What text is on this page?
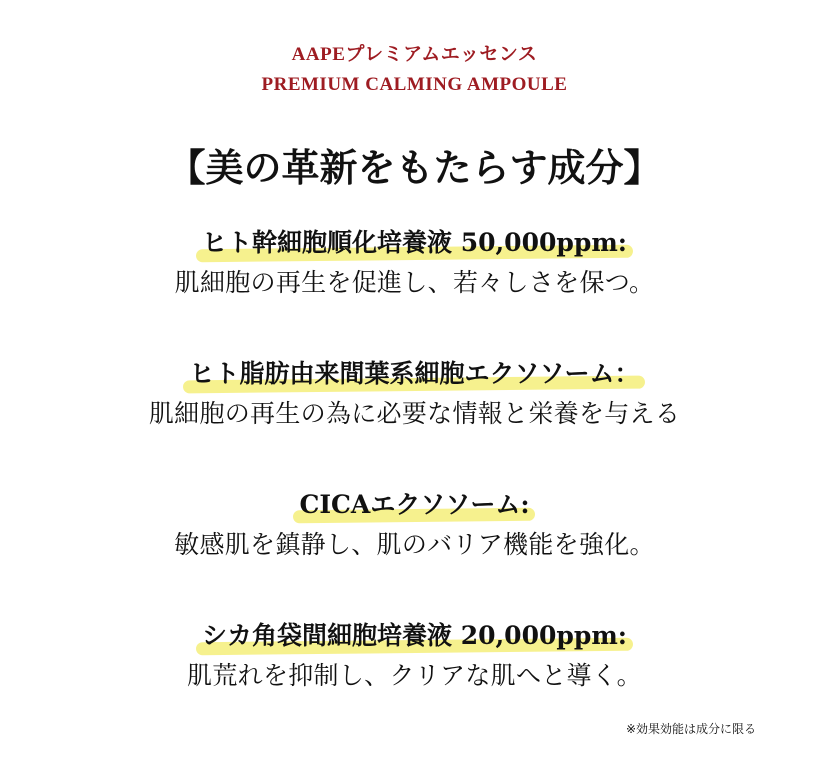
AAPEプレミアムエッセンス
PREMIUM CALMING AMPOULE
【美の革新をもたらす成分】
ヒト幹細胞順化培養液 50,000ppm:
肌細胞の再生を促進し、若々しさを保つ。
ヒト脂肪由来間葉系細胞エクソソーム：
肌細胞の再生の為に必要な情報と栄養を与える
CICAエクソソーム:
敏感肌を鎮静し、肌のバリア機能を強化。
シカ角袋間細胞培養液 20,000ppm:
肌荒れを抑制し、クリアな肌へと導く。
※効果効能は成分に限る
